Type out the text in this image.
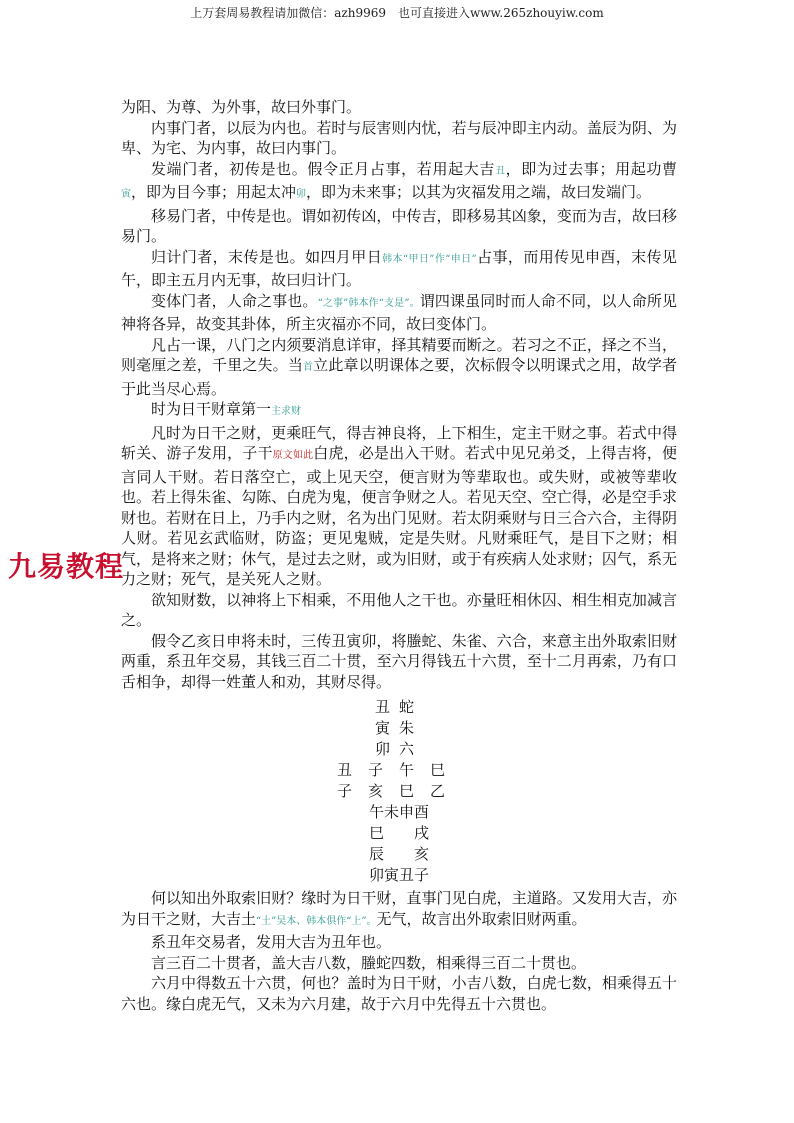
上万套周易教程请加微信：azh9969　也可直接进入www.265zhouyiw.com

九易教程

为阳、为尊、为外事，故曰外事门。

内事门者，以辰为内也。若时与辰害则内忧，若与辰冲即主内动。盖辰为阴、为卑、为宅、为内事，故曰内事门。

发端门者，初传是也。假令正月占事，若用起大吉丑，即为过去事；用起功曹寅，即为目今事；用起太冲卯，即为未来事；以其为灾福发用之端，故曰发端门。

移易门者，中传是也。谓如初传凶，中传吉，即移易其凶象，变而为吉，故曰移易门。

归计门者，末传是也。如四月甲日韩本“甲日”作“申日”占事，而用传见申酉，末传见午，即主五月内无事，故曰归计门。

变体门者，人命之事也。“之事”韩本作“支是”。谓四课虽同时而人命不同，以人命所见神将各异，故变其卦体，所主灾福亦不同，故曰变体门。

凡占一课，八门之内须要消息详审，择其精要而断之。若习之不正，择之不当，则毫厘之差，千里之失。当首立此章以明课体之要，次标假令以明课式之用，故学者于此当尽心焉。

时为日干财章第一主求财

凡时为日干之财，更乘旺气，得吉神良将，上下相生，定主干财之事。若式中得斩关、游子发用，子干原文如此白虎，必是出入干财。若式中见兄弟爻，上得吉将，便言同人干财。若日落空亡，或上见天空，便言财为等辈取也。或失财，或被等辈收也。若上得朱雀、勾陈、白虎为鬼，便言争财之人。若见天空、空亡得，必是空手求财也。若财在日上，乃手内之财，名为出门见财。若太阴乘财与日三合六合，主得阴人财。若见玄武临财，防盗；更见鬼贼，定是失财。凡财乘旺气，是目下之财；相气，是将来之财；休气，是过去之财，或为旧财，或于有疾病人处求财；囚气，系无力之财；死气，是关死人之财。

欲知财数，以神将上下相乘，不用他人之干也。亦量旺相休囚、相生相克加减言之。

假令乙亥日申将未时，三传丑寅卯，将螣蛇、朱雀、六合，来意主出外取索旧财两重，系丑年交易，其钱三百二十贯，至六月得钱五十六贯，至十二月再索，乃有口舌相争，却得一姓董人和劝，其财尽得。

丑蛇

寅朱

卯六

丑子午巳

子亥巳乙

午未申酉

巳　　戌

辰　　亥

卯寅丑子

何以知出外取索旧财？缘时为日干财，直事门见白虎，主道路。又发用大吉，亦为日干之财，大吉土“土”吴本、韩本俱作“上”。无气，故言出外取索旧财两重。

系丑年交易者，发用大吉为丑年也。

言三百二十贯者，盖大吉八数，螣蛇四数，相乘得三百二十贯也。

六月中得数五十六贯，何也？盖时为日干财，小吉八数，白虎七数，相乘得五十六也。缘白虎无气，又未为六月建，故于六月中先得五十六贯也。
